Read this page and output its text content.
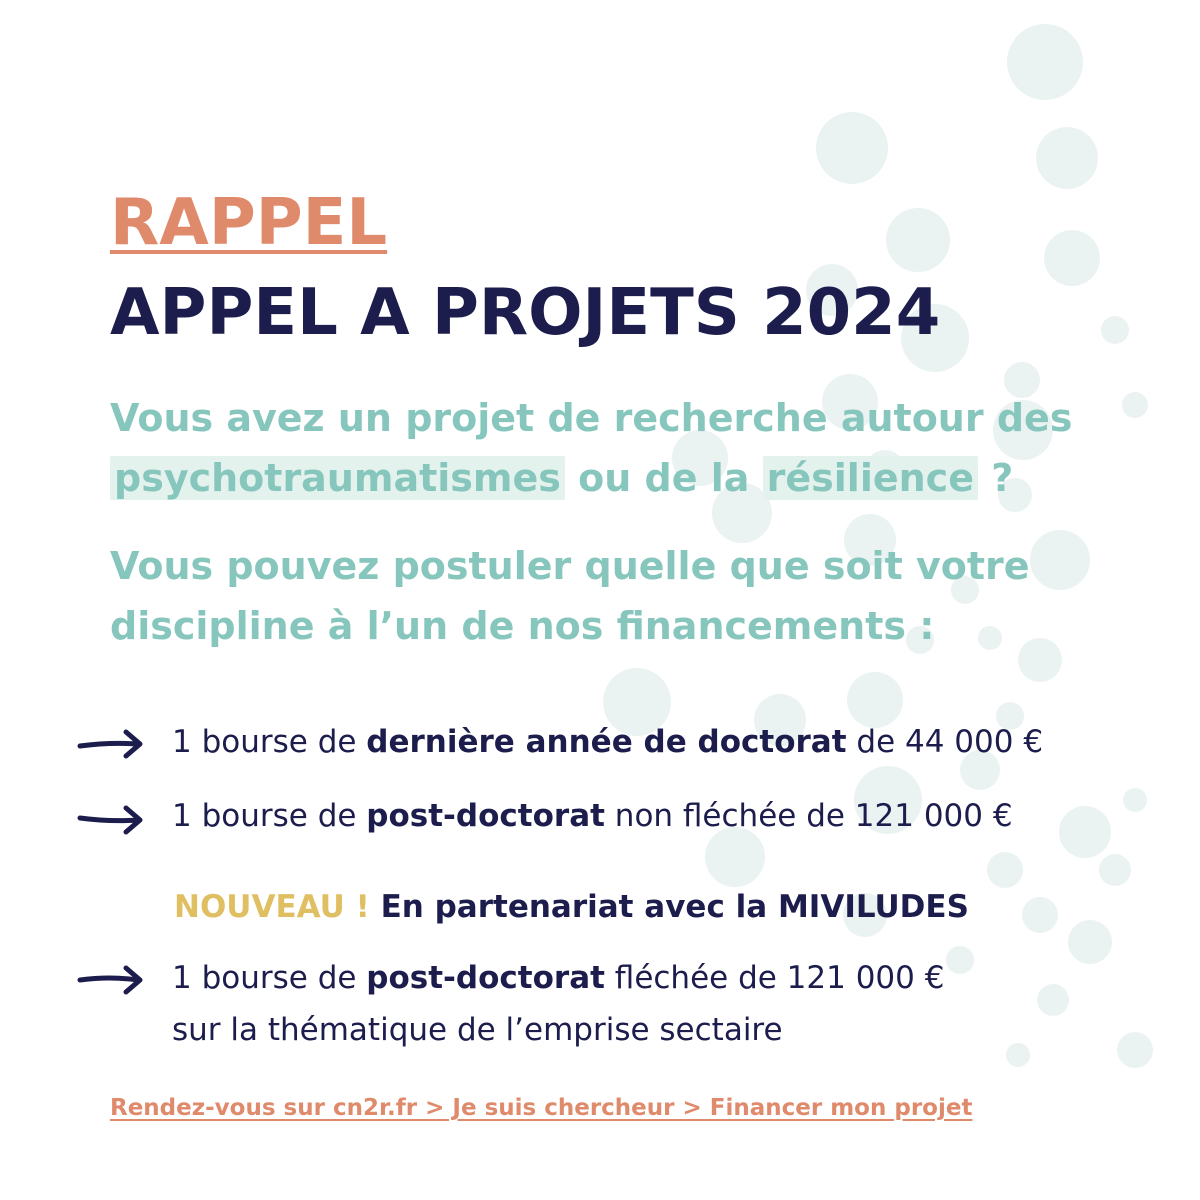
RAPPEL
APPEL A PROJETS 2024

Vous avez un projet de recherche autour des psychotraumatismes ou de la résilience ?

Vous pouvez postuler quelle que soit votre discipline à l’un de nos financements :

1 bourse de dernière année de doctorat de 44 000 €

1 bourse de post-doctorat non fléchée de 121 000 €

NOUVEAU ! En partenariat avec la MIVILUDES

1 bourse de post-doctorat fléchée de 121 000 €
sur la thématique de l’emprise sectaire

Rendez-vous sur cn2r.fr > Je suis chercheur > Financer mon projet
